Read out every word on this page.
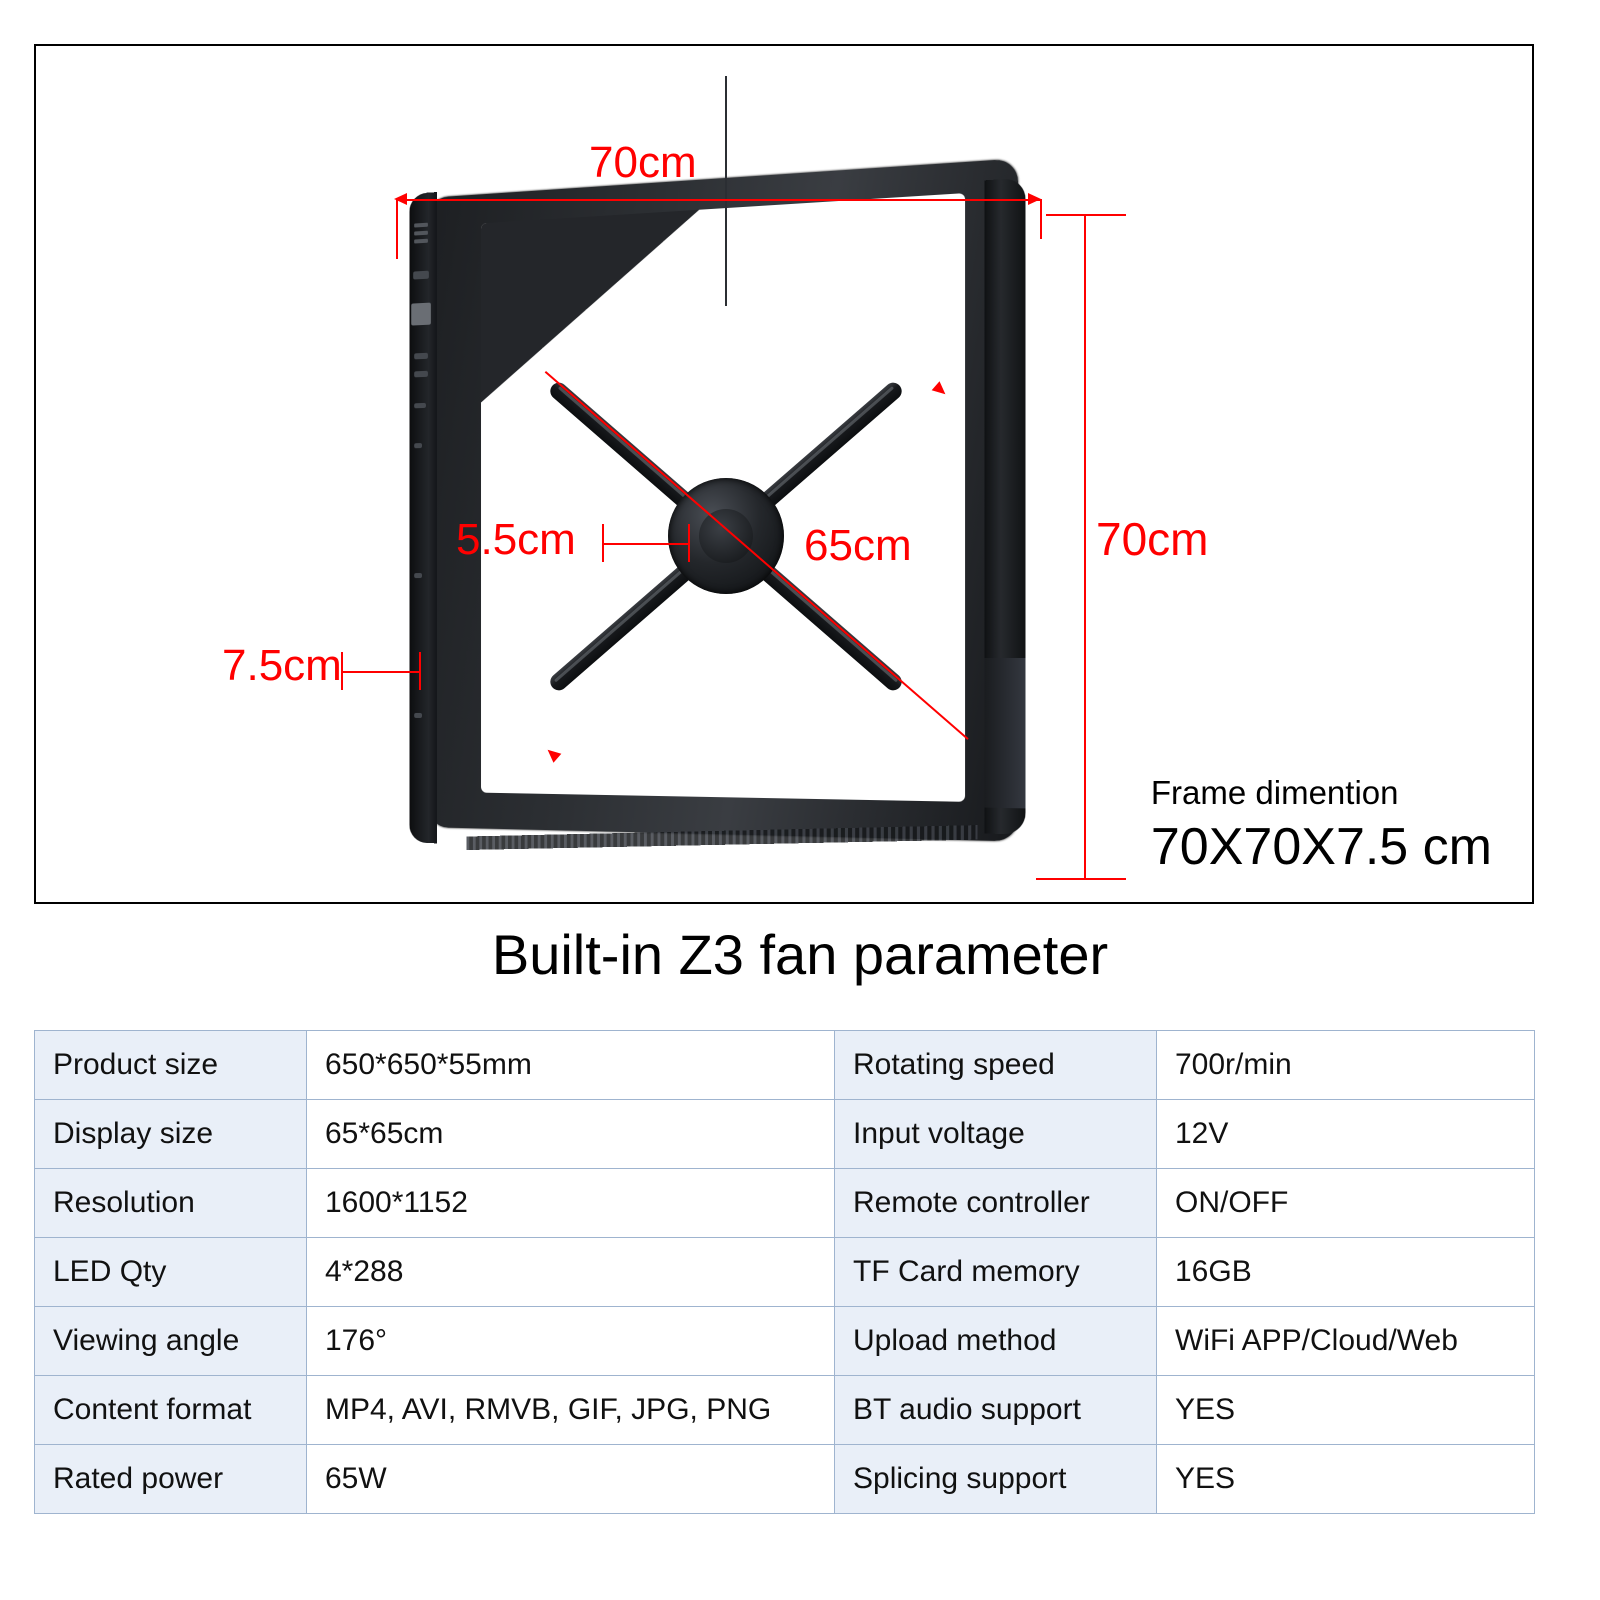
70cm
70cm
65cm
5.5cm
7.5cm
Frame dimention
70X70X7.5 cm
Built-in Z3 fan parameter
Product size	650*650*55mm	Rotating speed	700r/min
Display size	65*65cm	Input voltage	12V
Resolution	1600*1152	Remote controller	ON/OFF
LED Qty	4*288	TF Card memory	16GB
Viewing angle	176°	Upload method	WiFi APP/Cloud/Web
Content format	MP4, AVI, RMVB, GIF, JPG, PNG	BT audio support	YES
Rated power	65W	Splicing support	YES
